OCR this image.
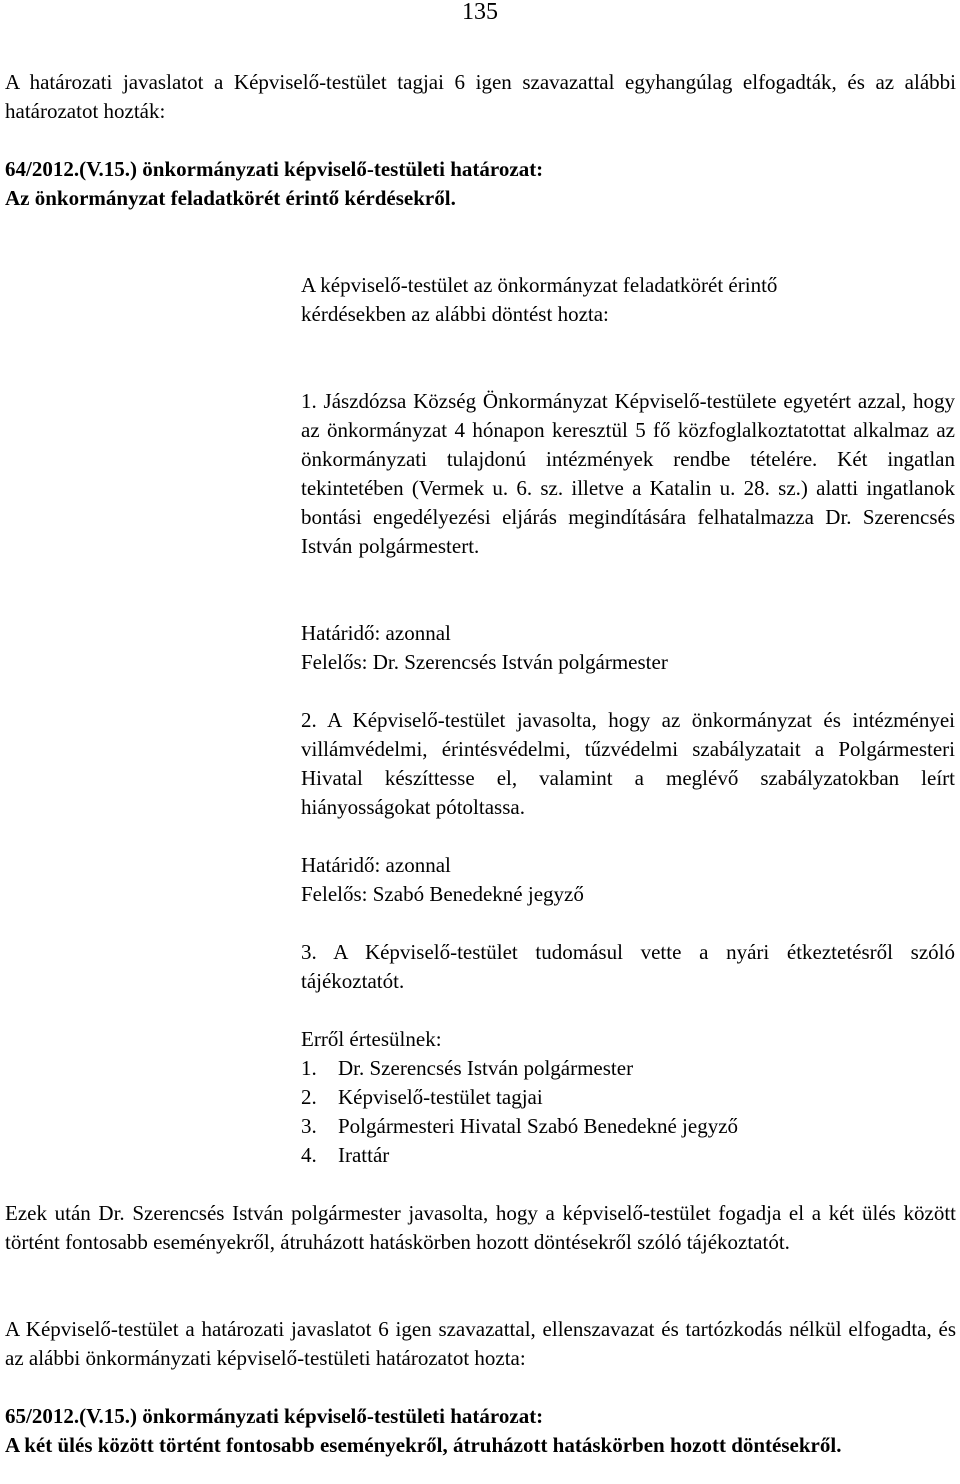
135

A határozati javaslatot a Képviselő-testület tagjai 6 igen szavazattal egyhangúlag elfogadták, és az alábbi határozatot hozták:

64/2012.(V.15.) önkormányzati képviselő-testületi határozat:
Az önkormányzat feladatkörét érintő kérdésekről.
A képviselő-testület az önkormányzat feladatkörét érintő
kérdésekben az alábbi döntést hozta:

1. Jászdózsa Község Önkormányzat Képviselő-testülete egyetért azzal, hogy az önkormányzat 4 hónapon keresztül 5 fő közfoglalkoztatottat alkalmaz az önkormányzati tulajdonú intézmények rendbe tételére. Két ingatlan tekintetében (Vermek u. 6. sz. illetve a Katalin u. 28. sz.) alatti ingatlanok bontási engedélyezési eljárás megindítására felhatalmazza Dr. Szerencsés István polgármestert.

Határidő: azonnal
Felelős: Dr. Szerencsés István polgármester

2. A Képviselő-testület javasolta, hogy az önkormányzat és intézményei villámvédelmi, érintésvédelmi, tűzvédelmi szabályzatait a Polgármesteri Hivatal készíttesse el, valamint a meglévő szabályzatokban leírt hiányosságokat pótoltassa.

Határidő: azonnal
Felelős: Szabó Benedekné jegyző

3. A Képviselő-testület tudomásul vette a nyári étkeztetésről szóló tájékoztatót.

Erről értesülnek:
1. Dr. Szerencsés István polgármester
2. Képviselő-testület tagjai
3. Polgármesteri Hivatal Szabó Benedekné jegyző
4. Irattár

Ezek után Dr. Szerencsés István polgármester javasolta, hogy a képviselő-testület fogadja el a két ülés között történt fontosabb eseményekről, átruházott hatáskörben hozott döntésekről szóló tájékoztatót.

A Képviselő-testület a határozati javaslatot 6 igen szavazattal, ellenszavazat és tartózkodás nélkül elfogadta, és az alábbi önkormányzati képviselő-testületi határozatot hozta:

65/2012.(V.15.) önkormányzati képviselő-testületi határozat:
A két ülés között történt fontosabb eseményekről, átruházott hatáskörben hozott döntésekről.
